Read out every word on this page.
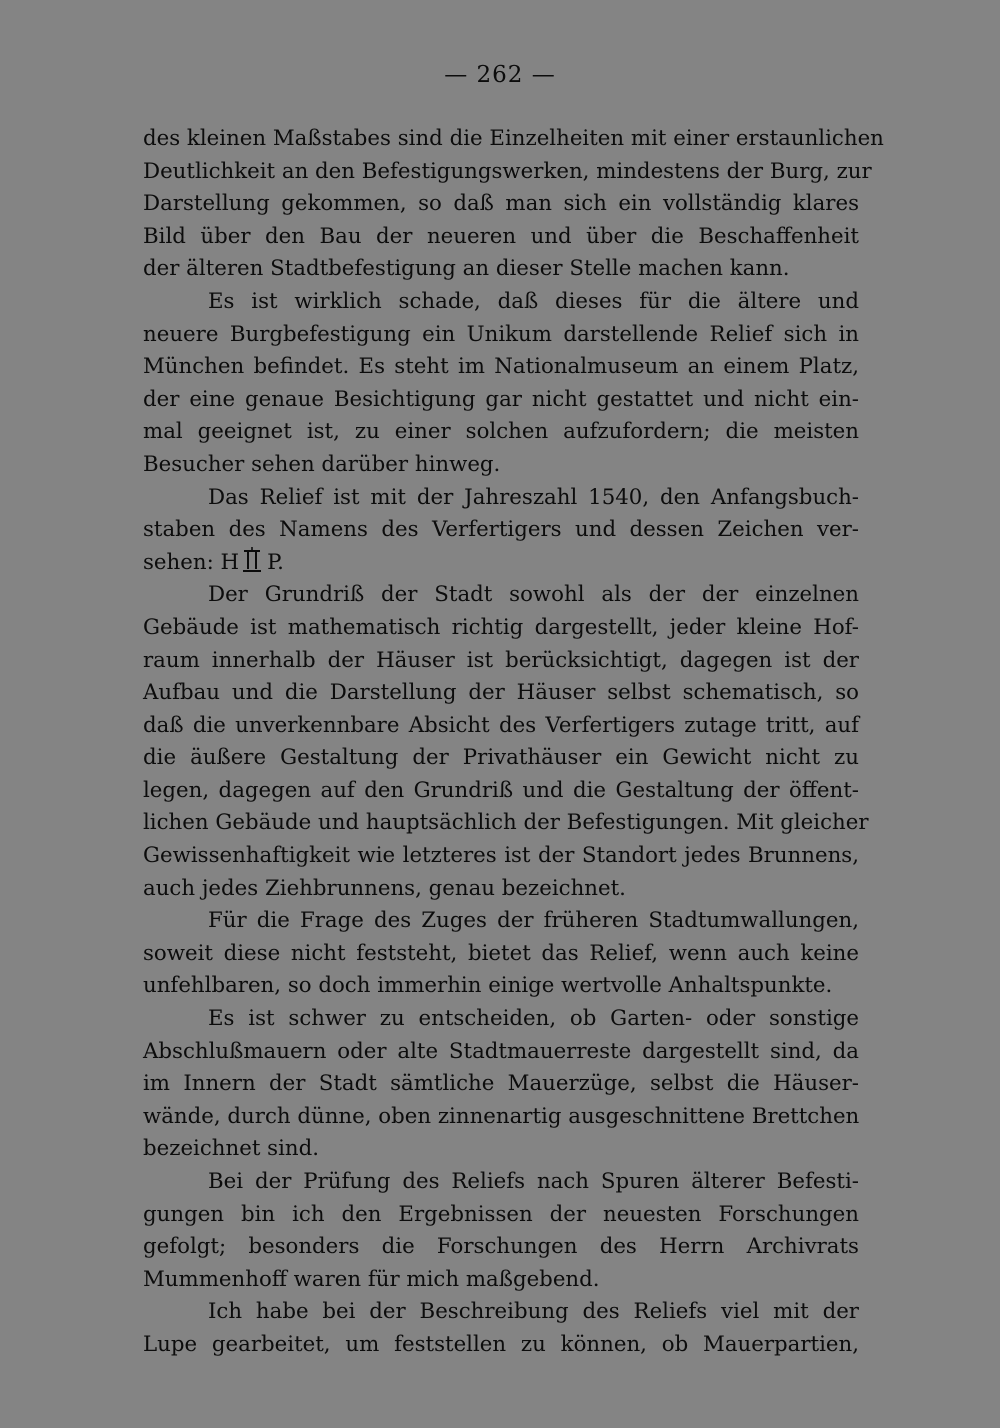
— 262 —
des kleinen Maßstabes sind die Einzelheiten mit einer erstaunlichen
Deutlichkeit an den Befestigungswerken, mindestens der Burg, zur
Darstellung gekommen, so daß man sich ein vollständig klares
Bild über den Bau der neueren und über die Beschaffenheit
der älteren Stadtbefestigung an dieser Stelle machen kann.
Es ist wirklich schade, daß dieses für die ältere und
neuere Burgbefestigung ein Unikum darstellende Relief sich in
München befindet. Es steht im Nationalmuseum an einem Platz,
der eine genaue Besichtigung gar nicht gestattet und nicht ein-
mal geeignet ist, zu einer solchen aufzufordern; die meisten
Besucher sehen darüber hinweg.
Das Relief ist mit der Jahreszahl 1540, den Anfangsbuch-
staben des Namens des Verfertigers und dessen Zeichen ver-
sehen: H P.
Der Grundriß der Stadt sowohl als der der einzelnen
Gebäude ist mathematisch richtig dargestellt, jeder kleine Hof-
raum innerhalb der Häuser ist berücksichtigt, dagegen ist der
Aufbau und die Darstellung der Häuser selbst schematisch, so
daß die unverkennbare Absicht des Verfertigers zutage tritt, auf
die äußere Gestaltung der Privathäuser ein Gewicht nicht zu
legen, dagegen auf den Grundriß und die Gestaltung der öffent-
lichen Gebäude und hauptsächlich der Befestigungen. Mit gleicher
Gewissenhaftigkeit wie letzteres ist der Standort jedes Brunnens,
auch jedes Ziehbrunnens, genau bezeichnet.
Für die Frage des Zuges der früheren Stadtumwallungen,
soweit diese nicht feststeht, bietet das Relief, wenn auch keine
unfehlbaren, so doch immerhin einige wertvolle Anhaltspunkte.
Es ist schwer zu entscheiden, ob Garten- oder sonstige
Abschlußmauern oder alte Stadtmauerreste dargestellt sind, da
im Innern der Stadt sämtliche Mauerzüge, selbst die Häuser-
wände, durch dünne, oben zinnenartig ausgeschnittene Brettchen
bezeichnet sind.
Bei der Prüfung des Reliefs nach Spuren älterer Befesti-
gungen bin ich den Ergebnissen der neuesten Forschungen
gefolgt; besonders die Forschungen des Herrn Archivrats
Mummenhoff waren für mich maßgebend.
Ich habe bei der Beschreibung des Reliefs viel mit der
Lupe gearbeitet, um feststellen zu können, ob Mauerpartien,
